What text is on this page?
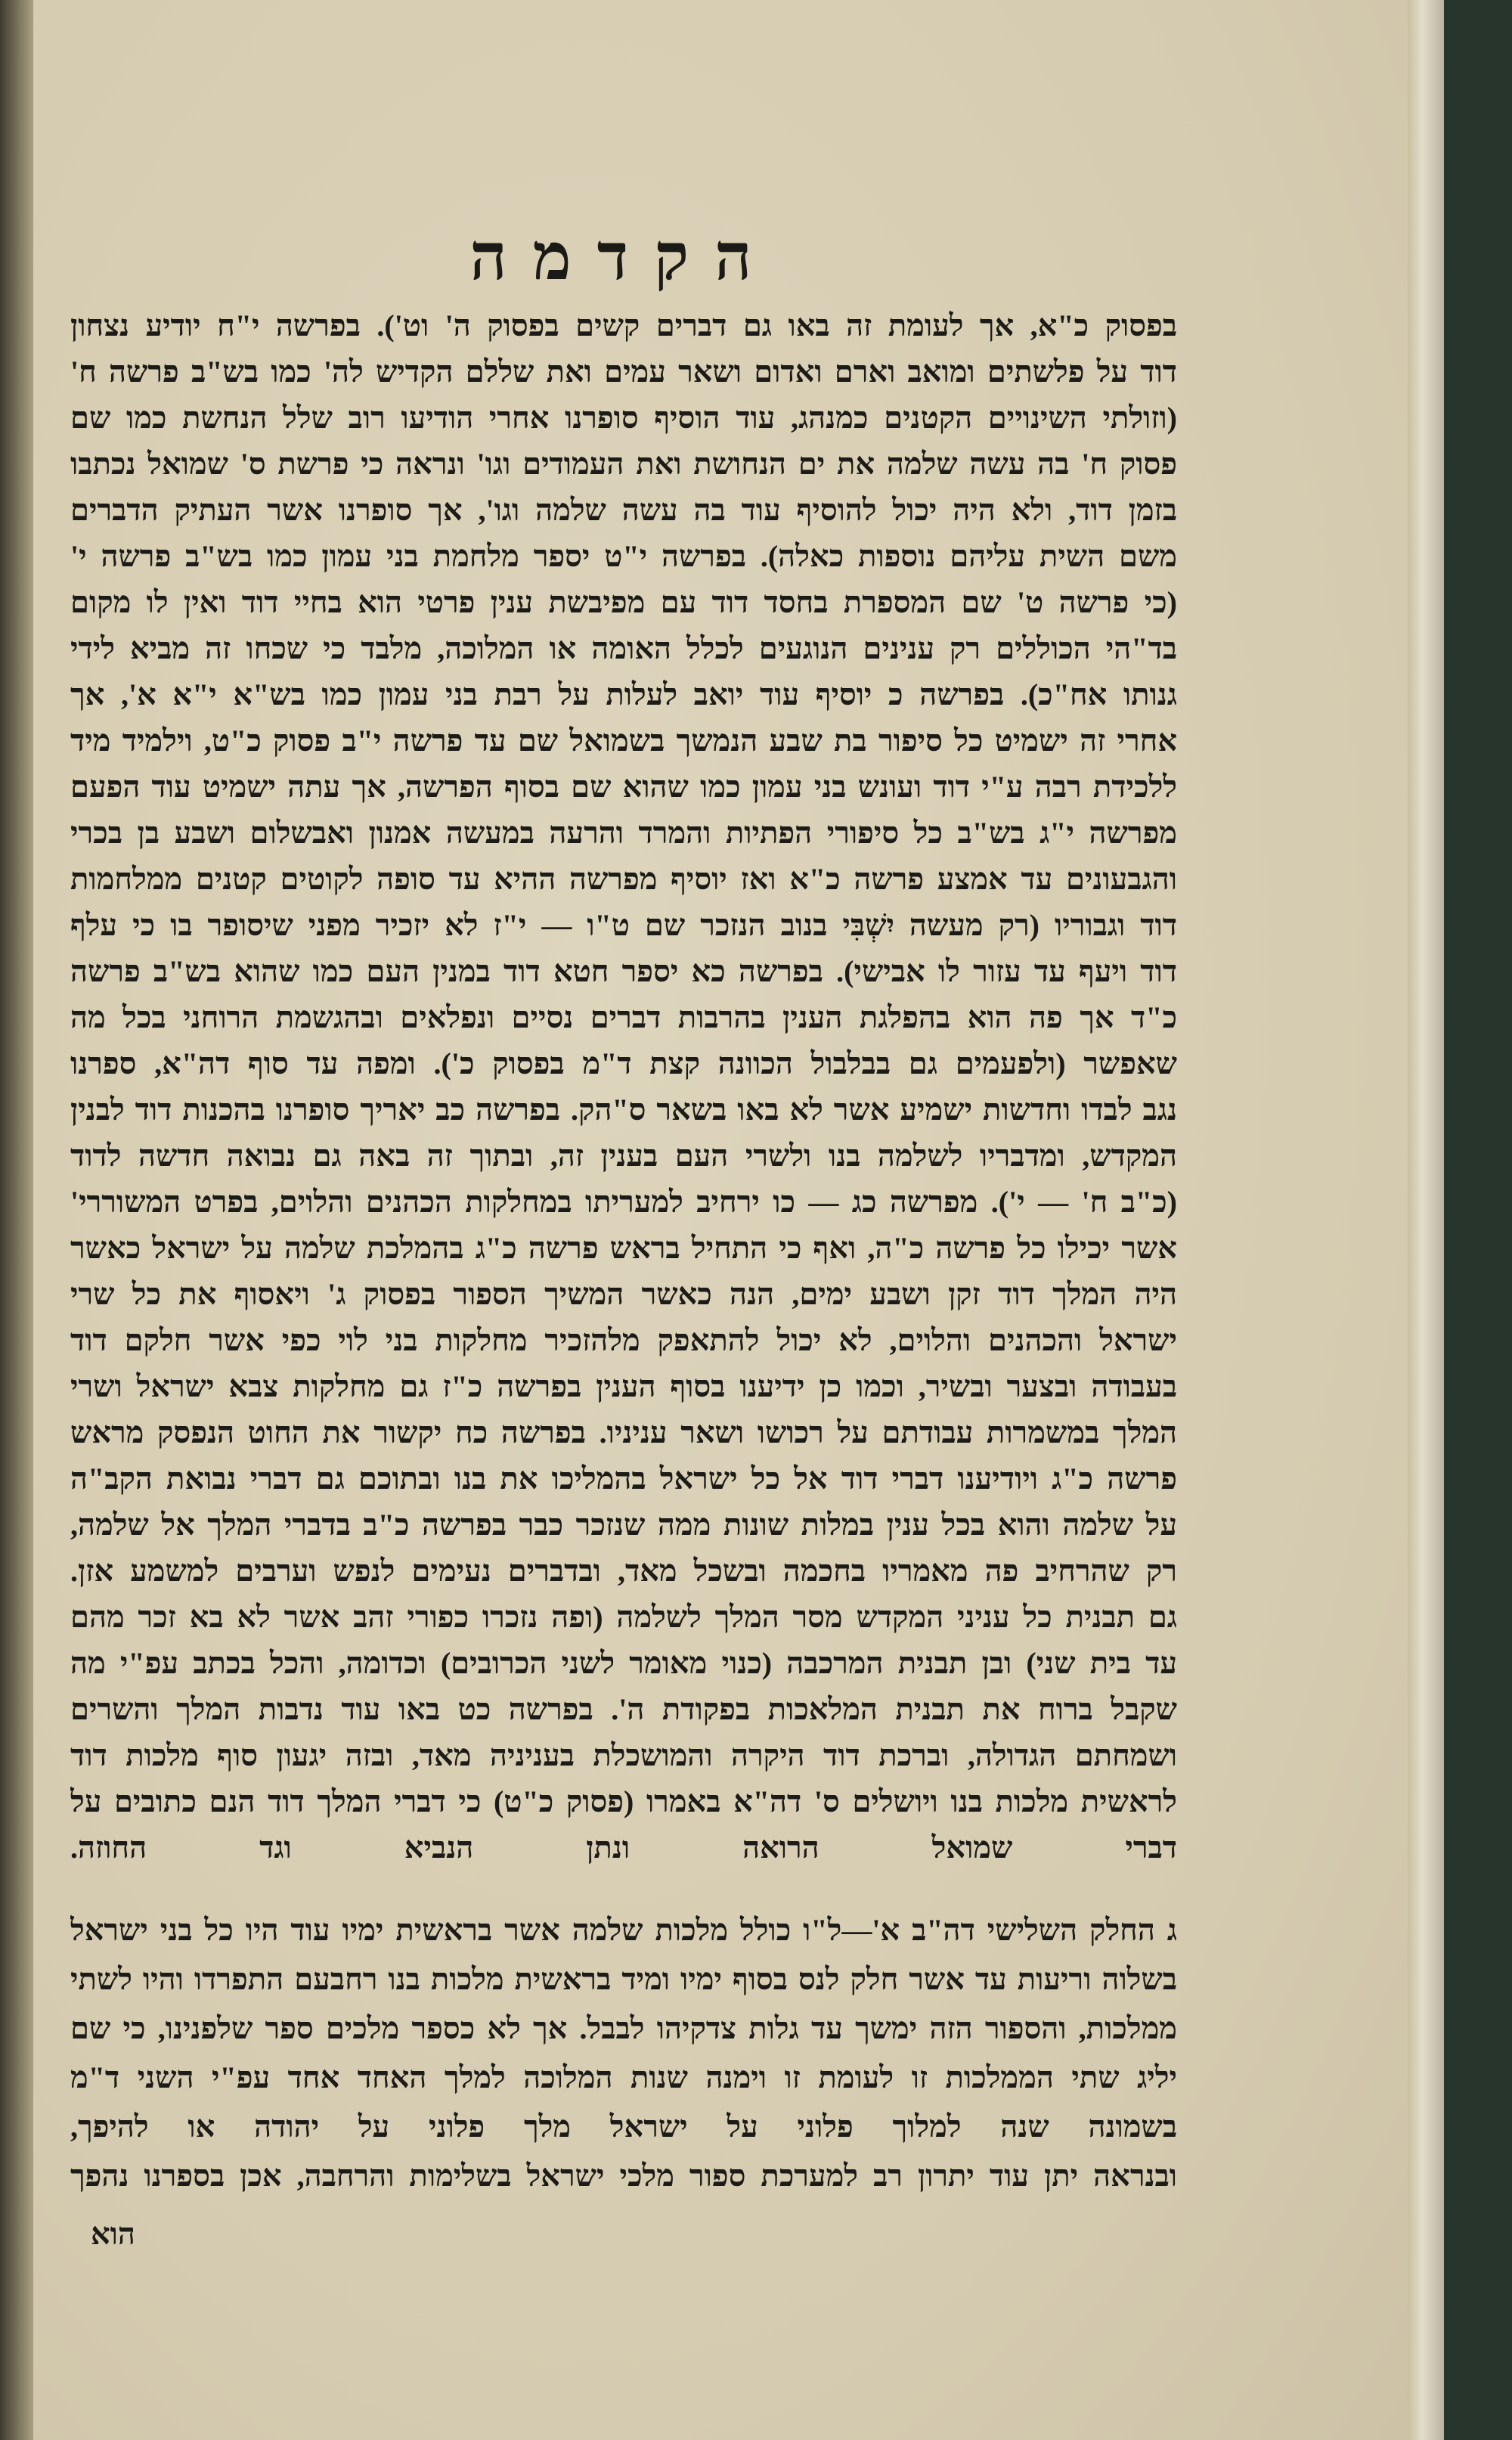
הקדמה
בפסוק כ"א, אך לעומת זה באו גם דברים קשים בפסוק ה' וט'). בפרשה י"ח יודיע נצחון
דוד על פלשתים ומואב וארם ואדום ושאר עמים ואת שללם הקדיש לה' כמו בש"ב פרשה ח'
(וזולתי השינויים הקטנים כמנהג, עוד הוסיף סופרנו אחרי הודיעו רוב שלל הנחשת כמו שם
פסוק ח' בה עשה שלמה את ים הנחושת ואת העמודים וגו' ונראה כי פרשת ס' שמואל נכתבו
בזמן דוד, ולא היה יכול להוסיף עוד בה עשה שלמה וגו', אך סופרנו אשר העתיק הדברים
משם השית עליהם נוספות כאלה). בפרשה י"ט יספר מלחמת בני עמון כמו בש"ב פרשה י'
(כי פרשה ט' שם המספרת בחסד דוד עם מפיבשת ענין פרטי הוא בחיי דוד ואין לו מקום
בד"הי הכוללים רק ענינים הנוגעים לכלל האומה או המלוכה, מלבד כי שכחו זה מביא לידי
גנותו אח"כ). בפרשה כ יוסיף עוד יואב לעלות על רבת בני עמון כמו בש"א י"א א', אך
אחרי זה ישמיט כל סיפור בת שבע הנמשך בשמואל שם עד פרשה י"ב פסוק כ"ט, וילמיד מיד
ללכידת רבה ע"י דוד ועונש בני עמון כמו שהוא שם בסוף הפרשה, אך עתה ישמיט עוד הפעם
מפרשה י"ג בש"ב כל סיפורי הפתיות והמרד והרעה במעשה אמנון ואבשלום ושבע בן בכרי
והגבעונים עד אמצע פרשה כ"א ואז יוסיף מפרשה ההיא עד סופה לקוטים קטנים ממלחמות
דוד וגבוריו (רק מעשה יִשְׁבִּי בנוב הנזכר שם ט"ו — י"ז לא יזכיר מפני שיסופר בו כי עלף
דוד ויעף עד עזור לו אבישי). בפרשה כא יספר חטא דוד במנין העם כמו שהוא בש"ב פרשה
כ"ד אך פה הוא בהפלגת הענין בהרבות דברים נסיים ונפלאים ובהגשמת הרוחני בכל מה
שאפשר (ולפעמים גם בבלבול הכוונה קצת ד"מ בפסוק כ'). ומפה עד סוף דה"א, ספרנו
נגב לבדו וחדשות ישמיע אשר לא באו בשאר ס"הק. בפרשה כב יאריך סופרנו בהכנות דוד לבנין
המקדש, ומדבריו לשלמה בנו ולשרי העם בענין זה, ובתוך זה באה גם נבואה חדשה לדוד
(כ"ב ח' — י'). מפרשה כג — כו ירחיב למעריתו במחלקות הכהנים והלוים, בפרט המשוררי'
אשר יכילו כל פרשה כ"ה, ואף כי התחיל בראש פרשה כ"ג בהמלכת שלמה על ישראל כאשר
היה המלך דוד זקן ושבע ימים, הנה כאשר המשיך הספור בפסוק ג' ויאסוף את כל שרי
ישראל והכהנים והלוים, לא יכול להתאפק מלהזכיר מחלקות בני לוי כפי אשר חלקם דוד
בעבודה ובצער ובשיר, וכמו כן ידיענו בסוף הענין בפרשה כ"ז גם מחלקות צבא ישראל ושרי
המלך במשמרות עבודתם על רכושו ושאר עניניו. בפרשה כח יקשור את החוט הנפסק מראש
פרשה כ"ג ויודיענו דברי דוד אל כל ישראל בהמליכו את בנו ובתוכם גם דברי נבואת הקב"ה
על שלמה והוא בכל ענין במלות שונות ממה שנזכר כבר בפרשה כ"ב בדברי המלך אל שלמה,
רק שהרחיב פה מאמריו בחכמה ובשכל מאד, ובדברים נעימים לנפש וערבים למשמע אזן.
גם תבנית כל עניני המקדש מסר המלך לשלמה (ופה נזכרו כפורי זהב אשר לא בא זכר מהם
עד בית שני) ובן תבנית המרכבה (כנוי מאומר לשני הכרובים) וכדומה, והכל בכתב עפ"י מה
שקבל ברוח את תבנית המלאכות בפקודת ה'. בפרשה כט באו עוד נדבות המלך והשרים
ושמחתם הגדולה, וברכת דוד היקרה והמושכלת בעניניה מאד, ובזה יגעון סוף מלכות דוד
לראשית מלכות בנו ויושלים ס' דה"א באמרו (פסוק כ"ט) כי דברי המלך דוד הנם כתובים על
דברי שמואל הרואה ונתן הנביא וגד החוזה.
ג החלק השלישי דה"ב א'—ל"ו כולל מלכות שלמה אשר בראשית ימיו עוד היו כל בני ישראל
בשלוה וריעות עד אשר חלק לנס בסוף ימיו ומיד בראשית מלכות בנו רחבעם התפרדו והיו לשתי
ממלכות, והספור הזה ימשך עד גלות צדקיהו לבבל. אך לא כספר מלכים ספר שלפנינו, כי שם
יליג שתי הממלכות זו לעומת זו וימנה שנות המלוכה למלך האחד אחד עפ"י השני ד"מ
בשמונה שנה למלוך פלוני על ישראל מלך פלוני על יהודה או להיפך,
ובנראה יתן עוד יתרון רב למערכת ספור מלכי ישראל בשלימות והרחבה, אכן בספרנו נהפך
הוא
